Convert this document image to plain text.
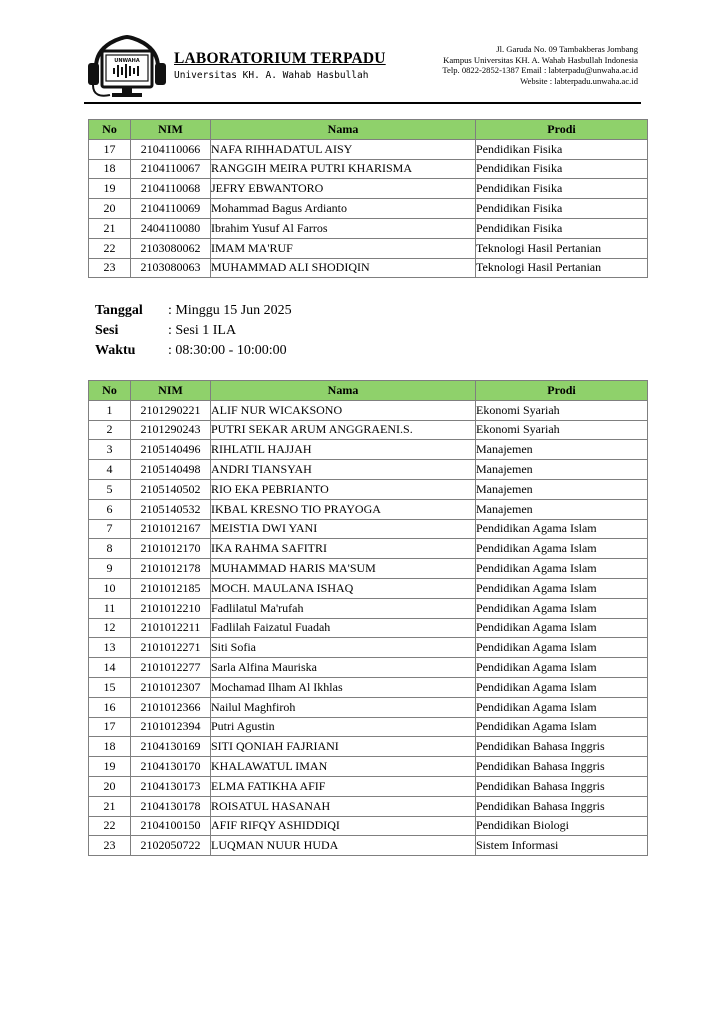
UNWAHA LABORATORIUM TERPADU
Universitas KH. A. Wahab Hasbullah
Jl. Garuda No. 09 Tambakberas Jombang
Kampus Universitas KH. A. Wahab Hasbullah Indonesia
Telp. 0822-2852-1387 Email : labterpadu@unwaha.ac.id
Website : labterpadu.unwaha.ac.id
No	NIM	Nama	Prodi
17	2104110066	NAFA RIHHADATUL AISY	Pendidikan Fisika
18	2104110067	RANGGIH MEIRA PUTRI KHARISMA	Pendidikan Fisika
19	2104110068	JEFRY EBWANTORO	Pendidikan Fisika
20	2104110069	Mohammad Bagus Ardianto	Pendidikan Fisika
21	2404110080	Ibrahim Yusuf Al Farros	Pendidikan Fisika
22	2103080062	IMAM MA'RUF	Teknologi Hasil Pertanian
23	2103080063	MUHAMMAD ALI SHODIQIN	Teknologi Hasil Pertanian
Tanggal	: Minggu 15 Jun 2025
Sesi	: Sesi 1 ILA
Waktu	: 08:30:00 - 10:00:00
No	NIM	Nama	Prodi
1	2101290221	ALIF NUR WICAKSONO	Ekonomi Syariah
2	2101290243	PUTRI SEKAR ARUM ANGGRAENI.S.	Ekonomi Syariah
3	2105140496	RIHLATIL HAJJAH	Manajemen
4	2105140498	ANDRI TIANSYAH	Manajemen
5	2105140502	RIO EKA PEBRIANTO	Manajemen
6	2105140532	IKBAL KRESNO TIO PRAYOGA	Manajemen
7	2101012167	MEISTIA DWI YANI	Pendidikan Agama Islam
8	2101012170	IKA RAHMA SAFITRI	Pendidikan Agama Islam
9	2101012178	MUHAMMAD HARIS MA'SUM	Pendidikan Agama Islam
10	2101012185	MOCH. MAULANA ISHAQ	Pendidikan Agama Islam
11	2101012210	Fadlilatul Ma'rufah	Pendidikan Agama Islam
12	2101012211	Fadlilah Faizatul Fuadah	Pendidikan Agama Islam
13	2101012271	Siti Sofia	Pendidikan Agama Islam
14	2101012277	Sarla Alfina Mauriska	Pendidikan Agama Islam
15	2101012307	Mochamad Ilham Al Ikhlas	Pendidikan Agama Islam
16	2101012366	Nailul Maghfiroh	Pendidikan Agama Islam
17	2101012394	Putri Agustin	Pendidikan Agama Islam
18	2104130169	SITI QONIAH FAJRIANI	Pendidikan Bahasa Inggris
19	2104130170	KHALAWATUL IMAN	Pendidikan Bahasa Inggris
20	2104130173	ELMA FATIKHA AFIF	Pendidikan Bahasa Inggris
21	2104130178	ROISATUL HASANAH	Pendidikan Bahasa Inggris
22	2104100150	AFIF RIFQY ASHIDDIQI	Pendidikan Biologi
23	2102050722	LUQMAN NUUR HUDA	Sistem Informasi
